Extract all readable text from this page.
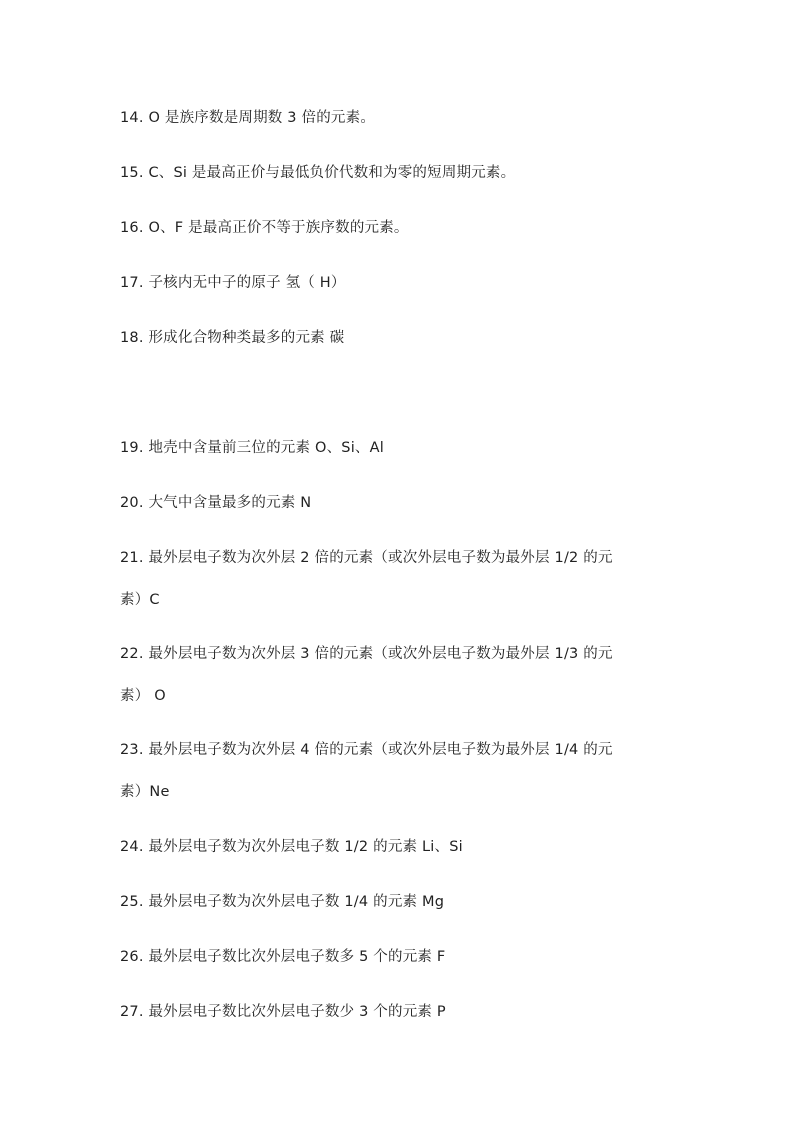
14. O 是族序数是周期数 3 倍的元素。
15. C、Si 是最高正价与最低负价代数和为零的短周期元素。
16. O、F 是最高正价不等于族序数的元素。
17. 子核内无中子的原子 氢（ H）
18. 形成化合物种类最多的元素 碳
19. 地壳中含量前三位的元素 O、Si、Al
20. 大气中含量最多的元素 N
21. 最外层电子数为次外层 2 倍的元素（或次外层电子数为最外层 1/2 的元
素）C
22. 最外层电子数为次外层 3 倍的元素（或次外层电子数为最外层 1/3 的元
素） O
23. 最外层电子数为次外层 4 倍的元素（或次外层电子数为最外层 1/4 的元
素）Ne
24. 最外层电子数为次外层电子数 1/2 的元素 Li、Si
25. 最外层电子数为次外层电子数 1/4 的元素 Mg
26. 最外层电子数比次外层电子数多 5 个的元素 F
27. 最外层电子数比次外层电子数少 3 个的元素 P
